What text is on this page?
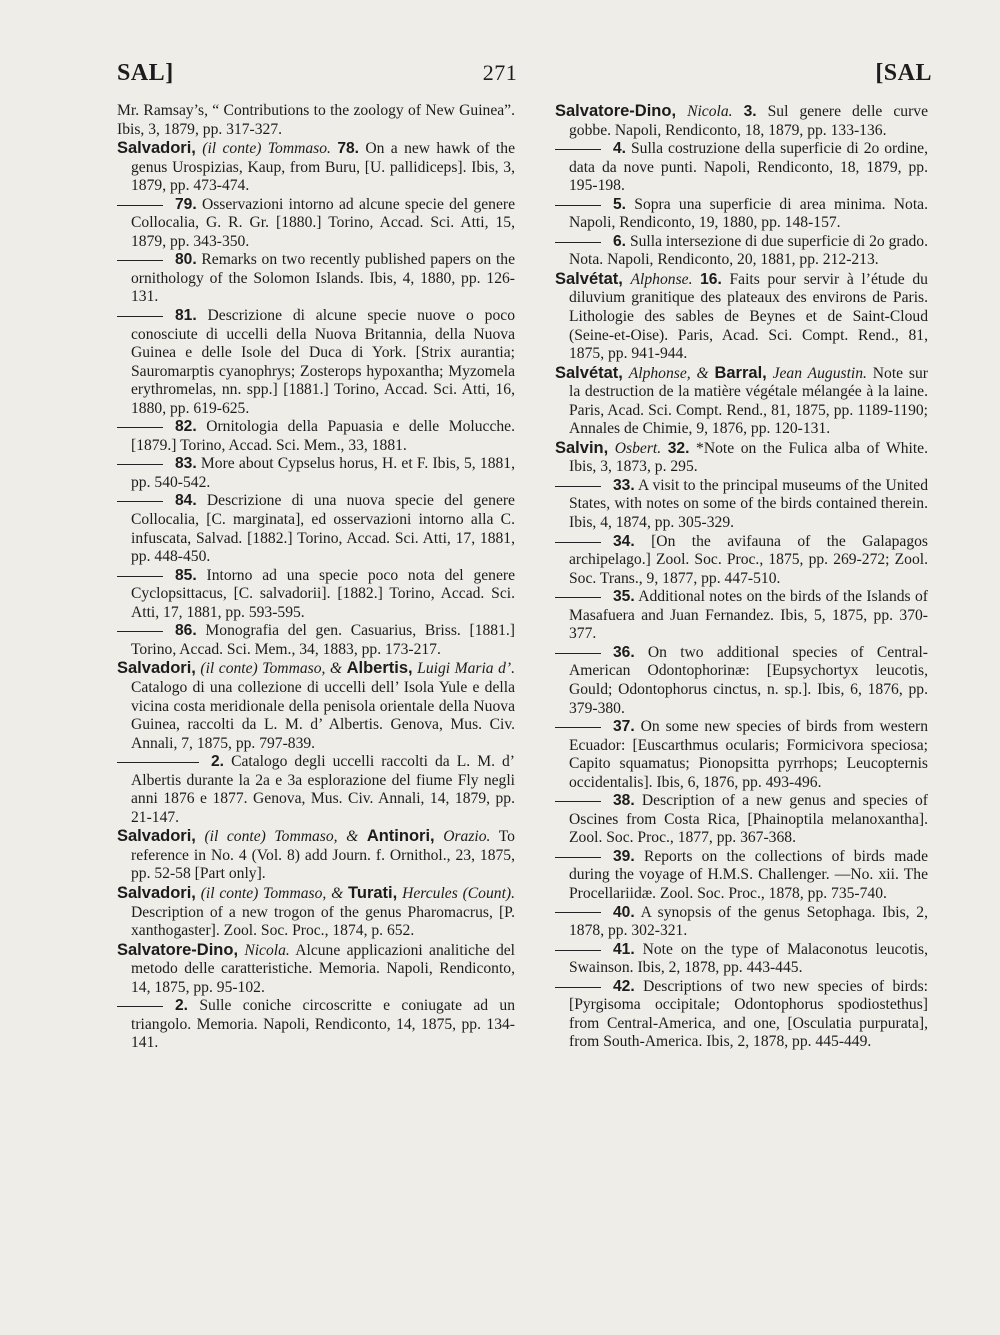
SAL]	271	[SAL

Mr. Ramsay’s, “ Contributions to the zoology of New Guinea”. Ibis, 3, 1879, pp. 317-327.

Salvadori, (il conte) Tommaso. 78. On a new hawk of the genus Urospizias, Kaup, from Buru, [U. pallidiceps]. Ibis, 3, 1879, pp. 473-474.

79. Osservazioni intorno ad alcune specie del genere Collocalia, G. R. Gr. [1880.] Torino, Accad. Sci. Atti, 15, 1879, pp. 343-350.

80. Remarks on two recently published papers on the ornithology of the Solomon Islands. Ibis, 4, 1880, pp. 126-131.

81. Descrizione di alcune specie nuove o poco conosciute di uccelli della Nuova Britannia, della Nuova Guinea e delle Isole del Duca di York. [Strix aurantia; Sauromarptis cyanophrys; Zosterops hypoxantha; Myzomela erythromelas, nn. spp.] [1881.] Torino, Accad. Sci. Atti, 16, 1880, pp. 619-625.

82. Ornitologia della Papuasia e delle Molucche. [1879.] Torino, Accad. Sci. Mem., 33, 1881.

83. More about Cypselus horus, H. et F. Ibis, 5, 1881, pp. 540-542.

84. Descrizione di una nuova specie del genere Collocalia, [C. marginata], ed osservazioni intorno alla C. infuscata, Salvad. [1882.] Torino, Accad. Sci. Atti, 17, 1881, pp. 448-450.

85. Intorno ad una specie poco nota del genere Cyclopsittacus, [C. salvadorii]. [1882.] Torino, Accad. Sci. Atti, 17, 1881, pp. 593-595.

86. Monografia del gen. Casuarius, Briss. [1881.] Torino, Accad. Sci. Mem., 34, 1883, pp. 173-217.

Salvadori, (il conte) Tommaso, & Albertis, Luigi Maria d’. Catalogo di una collezione di uccelli dell’ Isola Yule e della vicina costa meridionale della penisola orientale della Nuova Guinea, raccolti da L. M. d’ Albertis. Genova, Mus. Civ. Annali, 7, 1875, pp. 797-839.

2. Catalogo degli uccelli raccolti da L. M. d’ Albertis durante la 2a e 3a esplorazione del fiume Fly negli anni 1876 e 1877. Genova, Mus. Civ. Annali, 14, 1879, pp. 21-147.

Salvadori, (il conte) Tommaso, & Antinori, Orazio. To reference in No. 4 (Vol. 8) add Journ. f. Ornithol., 23, 1875, pp. 52-58 [Part only].

Salvadori, (il conte) Tommaso, & Turati, Hercules (Count). Description of a new trogon of the genus Pharomacrus, [P. xanthogaster]. Zool. Soc. Proc., 1874, p. 652.

Salvatore-Dino, Nicola. Alcune applicazioni analitiche del metodo delle caratteristiche. Memoria. Napoli, Rendiconto, 14, 1875, pp. 95-102.

2. Sulle coniche circoscritte e coniugate ad un triangolo. Memoria. Napoli, Rendiconto, 14, 1875, pp. 134-141.

Salvatore-Dino, Nicola. 3. Sul genere delle curve gobbe. Napoli, Rendiconto, 18, 1879, pp. 133-136.

4. Sulla costruzione della superficie di 2o ordine, data da nove punti. Napoli, Rendiconto, 18, 1879, pp. 195-198.

5. Sopra una superficie di area minima. Nota. Napoli, Rendiconto, 19, 1880, pp. 148-157.

6. Sulla intersezione di due superficie di 2o grado. Nota. Napoli, Rendiconto, 20, 1881, pp. 212-213.

Salvétat, Alphonse. 16. Faits pour servir à l’étude du diluvium granitique des plateaux des environs de Paris. Lithologie des sables de Beynes et de Saint-Cloud (Seine-et-Oise). Paris, Acad. Sci. Compt. Rend., 81, 1875, pp. 941-944.

Salvétat, Alphonse, & Barral, Jean Augustin. Note sur la destruction de la matière végétale mélangée à la laine. Paris, Acad. Sci. Compt. Rend., 81, 1875, pp. 1189-1190; Annales de Chimie, 9, 1876, pp. 120-131.

Salvin, Osbert. 32. *Note on the Fulica alba of White. Ibis, 3, 1873, p. 295.

33. A visit to the principal museums of the United States, with notes on some of the birds contained therein. Ibis, 4, 1874, pp. 305-329.

34. [On the avifauna of the Galapagos archipelago.] Zool. Soc. Proc., 1875, pp. 269-272; Zool. Soc. Trans., 9, 1877, pp. 447-510.

35. Additional notes on the birds of the Islands of Masafuera and Juan Fernandez. Ibis, 5, 1875, pp. 370-377.

36. On two additional species of Central-American Odontophorinæ: [Eupsychortyx leucotis, Gould; Odontophorus cinctus, n. sp.]. Ibis, 6, 1876, pp. 379-380.

37. On some new species of birds from western Ecuador: [Euscarthmus ocularis; Formicivora speciosa; Capito squamatus; Pionopsitta pyrrhops; Leucopternis occidentalis]. Ibis, 6, 1876, pp. 493-496.

38. Description of a new genus and species of Oscines from Costa Rica, [Phainoptila melanoxantha]. Zool. Soc. Proc., 1877, pp. 367-368.

39. Reports on the collections of birds made during the voyage of H.M.S. Challenger. —No. xii. The Procellariidæ. Zool. Soc. Proc., 1878, pp. 735-740.

40. A synopsis of the genus Setophaga. Ibis, 2, 1878, pp. 302-321.

41. Note on the type of Malaconotus leucotis, Swainson. Ibis, 2, 1878, pp. 443-445.

42. Descriptions of two new species of birds: [Pyrgisoma occipitale; Odontophorus spodiostethus] from Central-America, and one, [Osculatia purpurata], from South-America. Ibis, 2, 1878, pp. 445-449.
